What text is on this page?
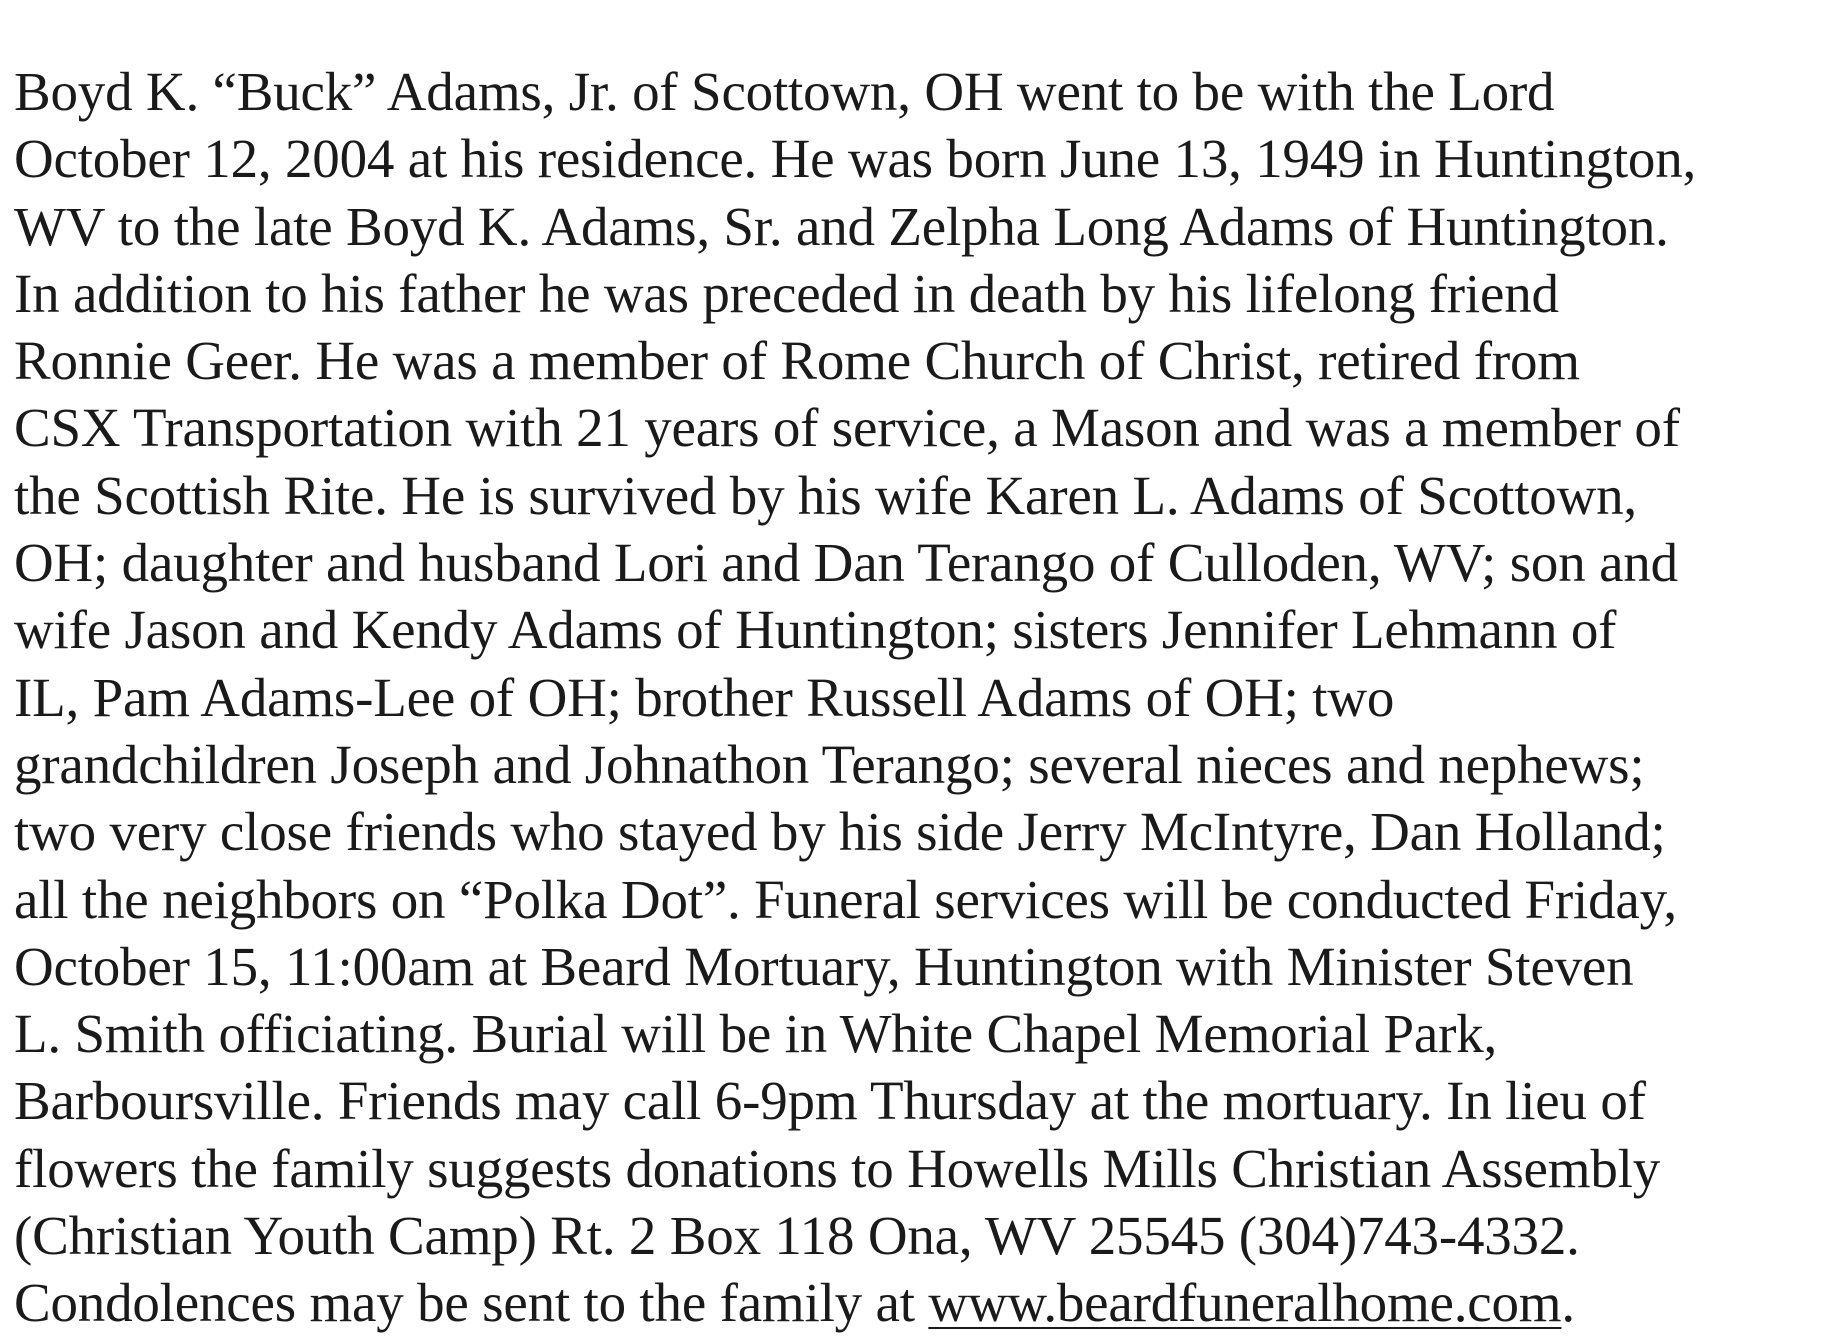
Boyd K. “Buck” Adams, Jr. of Scottown, OH went to be with the Lord
October 12, 2004 at his residence. He was born June 13, 1949 in Huntington,
WV to the late Boyd K. Adams, Sr. and Zelpha Long Adams of Huntington.
In addition to his father he was preceded in death by his lifelong friend
Ronnie Geer. He was a member of Rome Church of Christ, retired from
CSX Transportation with 21 years of service, a Mason and was a member of
the Scottish Rite. He is survived by his wife Karen L. Adams of Scottown,
OH; daughter and husband Lori and Dan Terango of Culloden, WV; son and
wife Jason and Kendy Adams of Huntington; sisters Jennifer Lehmann of
IL, Pam Adams-Lee of OH; brother Russell Adams of OH; two
grandchildren Joseph and Johnathon Terango; several nieces and nephews;
two very close friends who stayed by his side Jerry McIntyre, Dan Holland;
all the neighbors on “Polka Dot”. Funeral services will be conducted Friday,
October 15, 11:00am at Beard Mortuary, Huntington with Minister Steven
L. Smith officiating. Burial will be in White Chapel Memorial Park,
Barboursville. Friends may call 6-9pm Thursday at the mortuary. In lieu of
flowers the family suggests donations to Howells Mills Christian Assembly
(Christian Youth Camp) Rt. 2 Box 118 Ona, WV 25545 (304)743-4332.
Condolences may be sent to the family at www.beardfuneralhome.com.
